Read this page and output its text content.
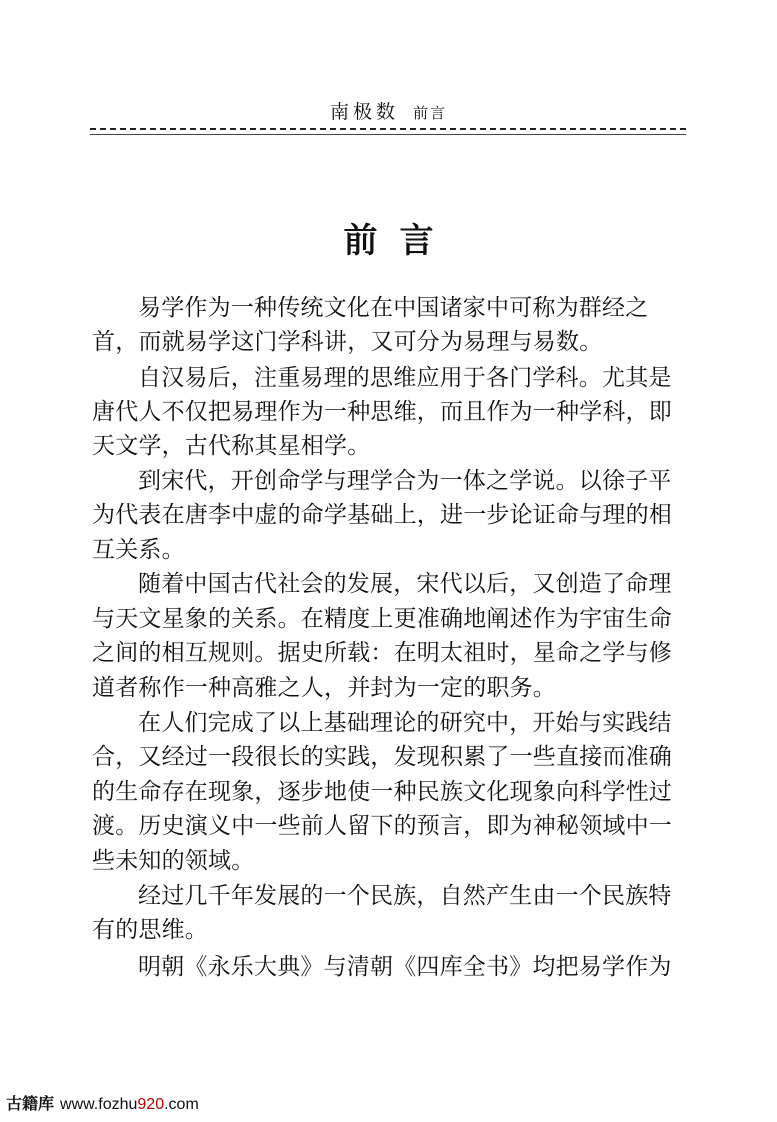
南极数 前言
前言
易学作为一种传统文化在中国诸家中可称为群经之
首，而就易学这门学科讲，又可分为易理与易数。
自汉易后，注重易理的思维应用于各门学科。尤其是
唐代人不仅把易理作为一种思维，而且作为一种学科，即
天文学，古代称其星相学。
到宋代，开创命学与理学合为一体之学说。以徐子平
为代表在唐李中虚的命学基础上，进一步论证命与理的相
互关系。
随着中国古代社会的发展，宋代以后，又创造了命理
与天文星象的关系。在精度上更准确地阐述作为宇宙生命
之间的相互规则。据史所载：在明太祖时，星命之学与修
道者称作一种高雅之人，并封为一定的职务。
在人们完成了以上基础理论的研究中，开始与实践结
合，又经过一段很长的实践，发现积累了一些直接而准确
的生命存在现象，逐步地使一种民族文化现象向科学性过
渡。历史演义中一些前人留下的预言，即为神秘领域中一
些未知的领域。
经过几千年发展的一个民族，自然产生由一个民族特
有的思维。
明朝《永乐大典》与清朝《四库全书》均把易学作为
古籍库 www.fozhu920.com
